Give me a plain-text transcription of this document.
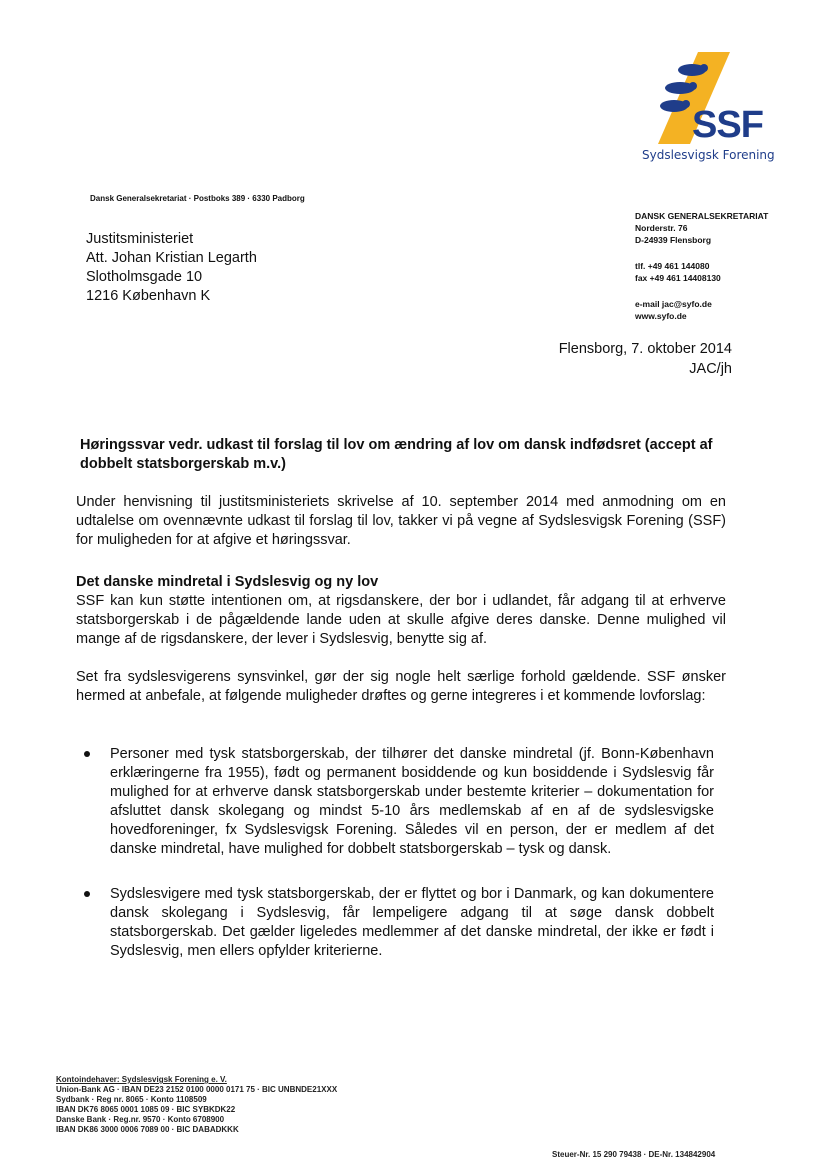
SSF
Sydslesvigsk Forening
Dansk Generalsekretariat · Postboks 389 · 6330 Padborg
Justitsministeriet
Att. Johan Kristian Legarth
Slotholmsgade 10
1216 København K
DANSK GENERALSEKRETARIAT
Norderstr. 76
D-24939 Flensborg
tlf. +49 461 144080
fax +49 461 14408130
e-mail jac@syfo.de
www.syfo.de
Flensborg, 7. oktober 2014
JAC/jh
Høringssvar vedr. udkast til forslag til lov om ændring af lov om dansk indfødsret (accept af dobbelt statsborgerskab m.v.)
Under henvisning til justitsministeriets skrivelse af 10. september 2014 med anmodning om en udtalelse om ovennævnte udkast til forslag til lov, takker vi på vegne af Sydslesvigsk Forening (SSF) for muligheden for at afgive et høringssvar.
Det danske mindretal i Sydslesvig og ny lov
SSF kan kun støtte intentionen om, at rigsdanskere, der bor i udlandet, får adgang til at erhverve statsborgerskab i de pågældende lande uden at skulle afgive deres danske. Denne mulighed vil mange af de rigsdanskere, der lever i Sydslesvig, benytte sig af.
Set fra sydslesvigerens synsvinkel, gør der sig nogle helt særlige forhold gældende. SSF ønsker hermed at anbefale, at følgende muligheder drøftes og gerne integreres i et kommende lovforslag:
Personer med tysk statsborgerskab, der tilhører det danske mindretal (jf. Bonn-København erklæringerne fra 1955), født og permanent bosiddende og kun bosiddende i Sydslesvig får mulighed for at erhverve dansk statsborgerskab under bestemte kriterier – dokumentation for afsluttet dansk skolegang og mindst 5-10 års medlemskab af en af de sydslesvigske hovedforeninger, fx Sydslesvigsk Forening. Således vil en person, der er medlem af det danske mindretal, have mulighed for dobbelt statsborgerskab – tysk og dansk.
Sydslesvigere med tysk statsborgerskab, der er flyttet og bor i Danmark, og kan dokumentere dansk skolegang i Sydslesvig, får lempeligere adgang til at søge dansk dobbelt statsborgerskab. Det gælder ligeledes medlemmer af det danske mindretal, der ikke er født i Sydslesvig, men ellers opfylder kriterierne.
Kontoindehaver: Sydslesvigsk Forening e. V.
Union-Bank AG · IBAN DE23 2152 0100 0000 0171 75 · BIC UNBNDE21XXX
Sydbank · Reg nr. 8065 · Konto 1108509
IBAN DK76 8065 0001 1085 09 · BIC SYBKDK22
Danske Bank · Reg.nr. 9570 · Konto 6708900
IBAN DK86 3000 0006 7089 00 · BIC DABADKKK
Steuer-Nr. 15 290 79438 · DE-Nr. 134842904
